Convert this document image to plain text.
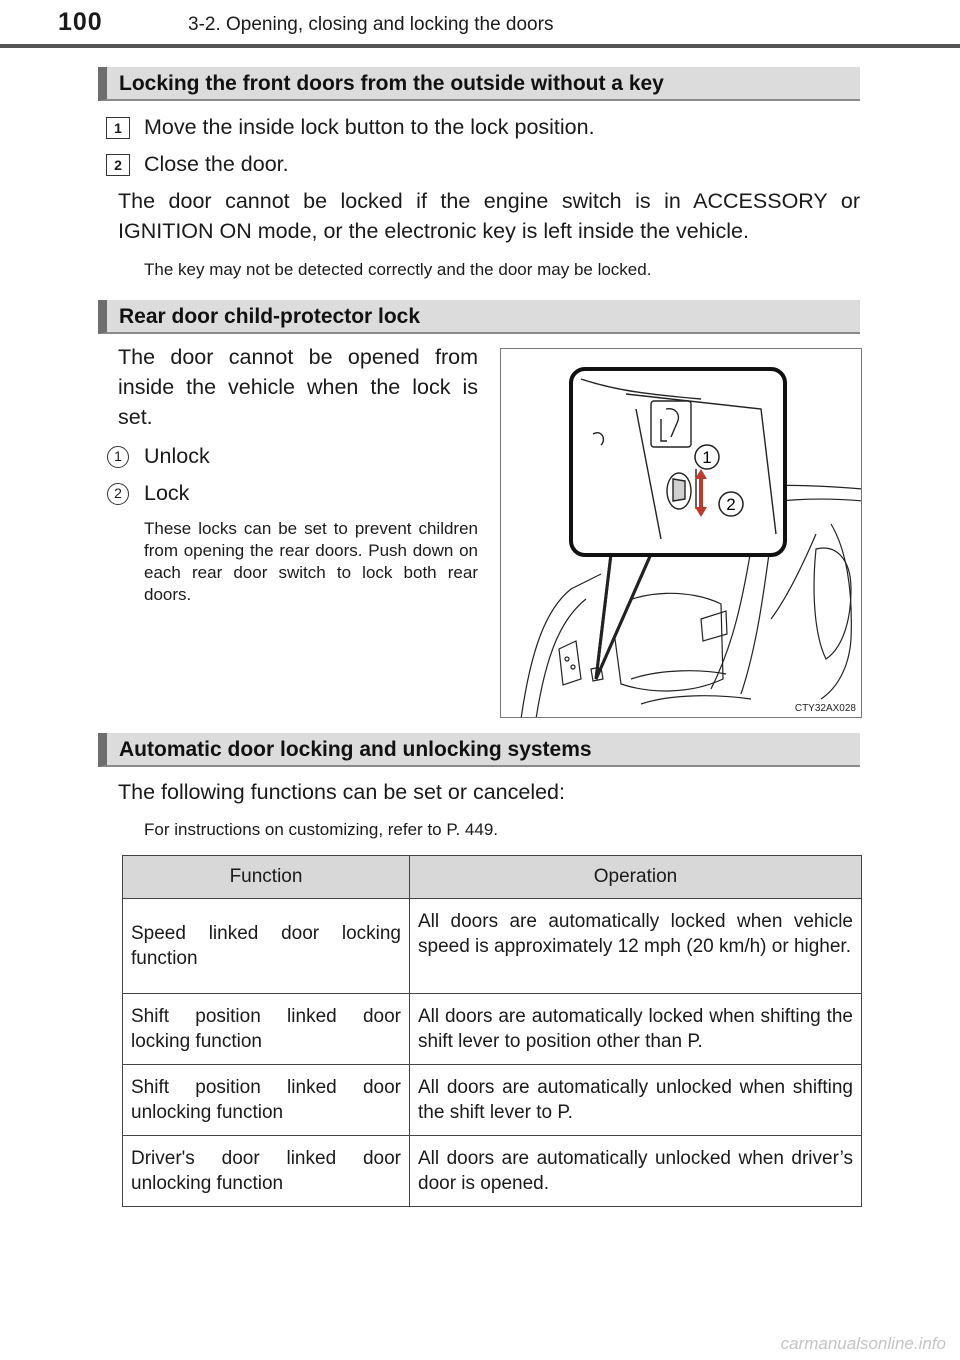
100	3-2. Opening, closing and locking the doors
Locking the front doors from the outside without a key
1	Move the inside lock button to the lock position.
2	Close the door.
The door cannot be locked if the engine switch is in ACCESSORY or IGNITION ON mode, or the electronic key is left inside the vehicle.
The key may not be detected correctly and the door may be locked.
Rear door child-protector lock
The door cannot be opened from inside the vehicle when the lock is set.
1	Unlock
2	Lock
These locks can be set to prevent children from opening the rear doors. Push down on each rear door switch to lock both rear doors.
1
2
CTY32AX028
Automatic door locking and unlocking systems
The following functions can be set or canceled:
For instructions on customizing, refer to P. 449.
Function	Operation
Speed linked door locking function	All doors are automatically locked when vehicle speed is approximately 12 mph (20 km/h) or higher.
Shift position linked door locking function	All doors are automatically locked when shifting the shift lever to position other than P.
Shift position linked door unlocking function	All doors are automatically unlocked when shifting the shift lever to P.
Driver's door linked door unlocking function	All doors are automatically unlocked when driver’s door is opened.
carmanualsonline.info
